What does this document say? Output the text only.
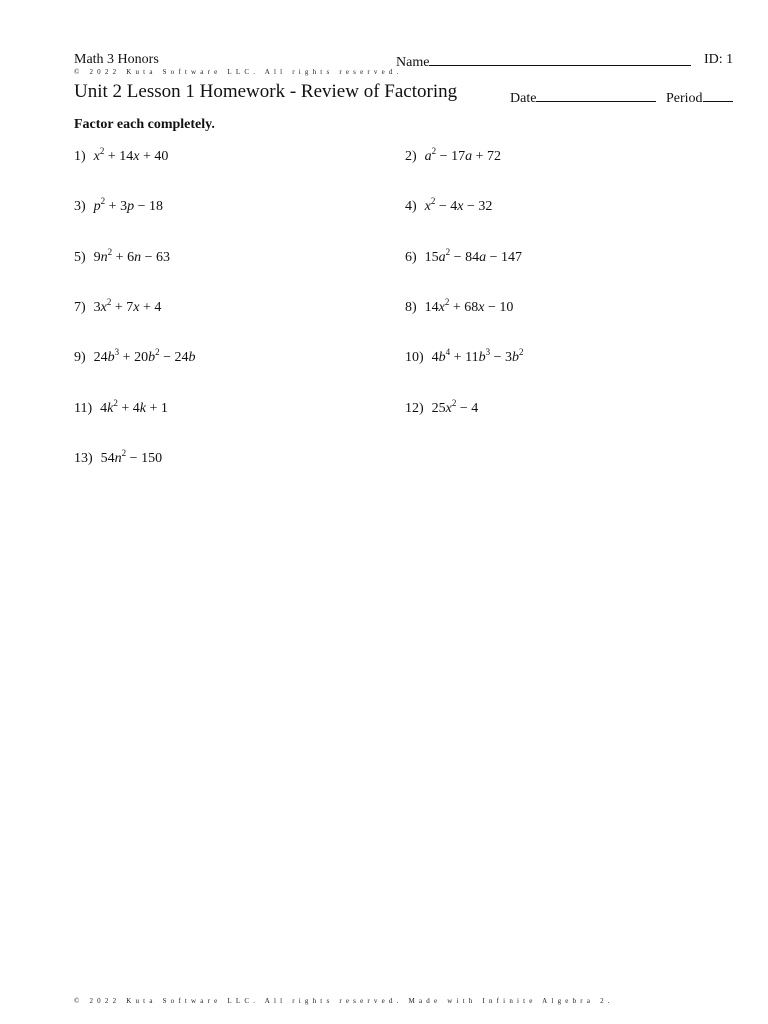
Math 3 Honors	Name	ID: 1
© 2022 Kuta Software LLC. All rights reserved.
Unit 2 Lesson 1 Homework - Review of Factoring	Date	Period
Factor each completely.
1) $x^2 + 14x + 40$	2) $a^2 - 17a + 72$
3) $p^2 + 3p - 18$	4) $x^2 - 4x - 32$
5) $9n^2 + 6n - 63$	6) $15a^2 - 84a - 147$
7) $3x^2 + 7x + 4$	8) $14x^2 + 68x - 10$
9) $24b^3 + 20b^2 - 24b$	10) $4b^4 + 11b^3 - 3b^2$
11) $4k^2 + 4k + 1$	12) $25x^2 - 4$
13) $54n^2 - 150$
© 2022 Kuta Software LLC. All rights reserved. Made with Infinite Algebra 2.
